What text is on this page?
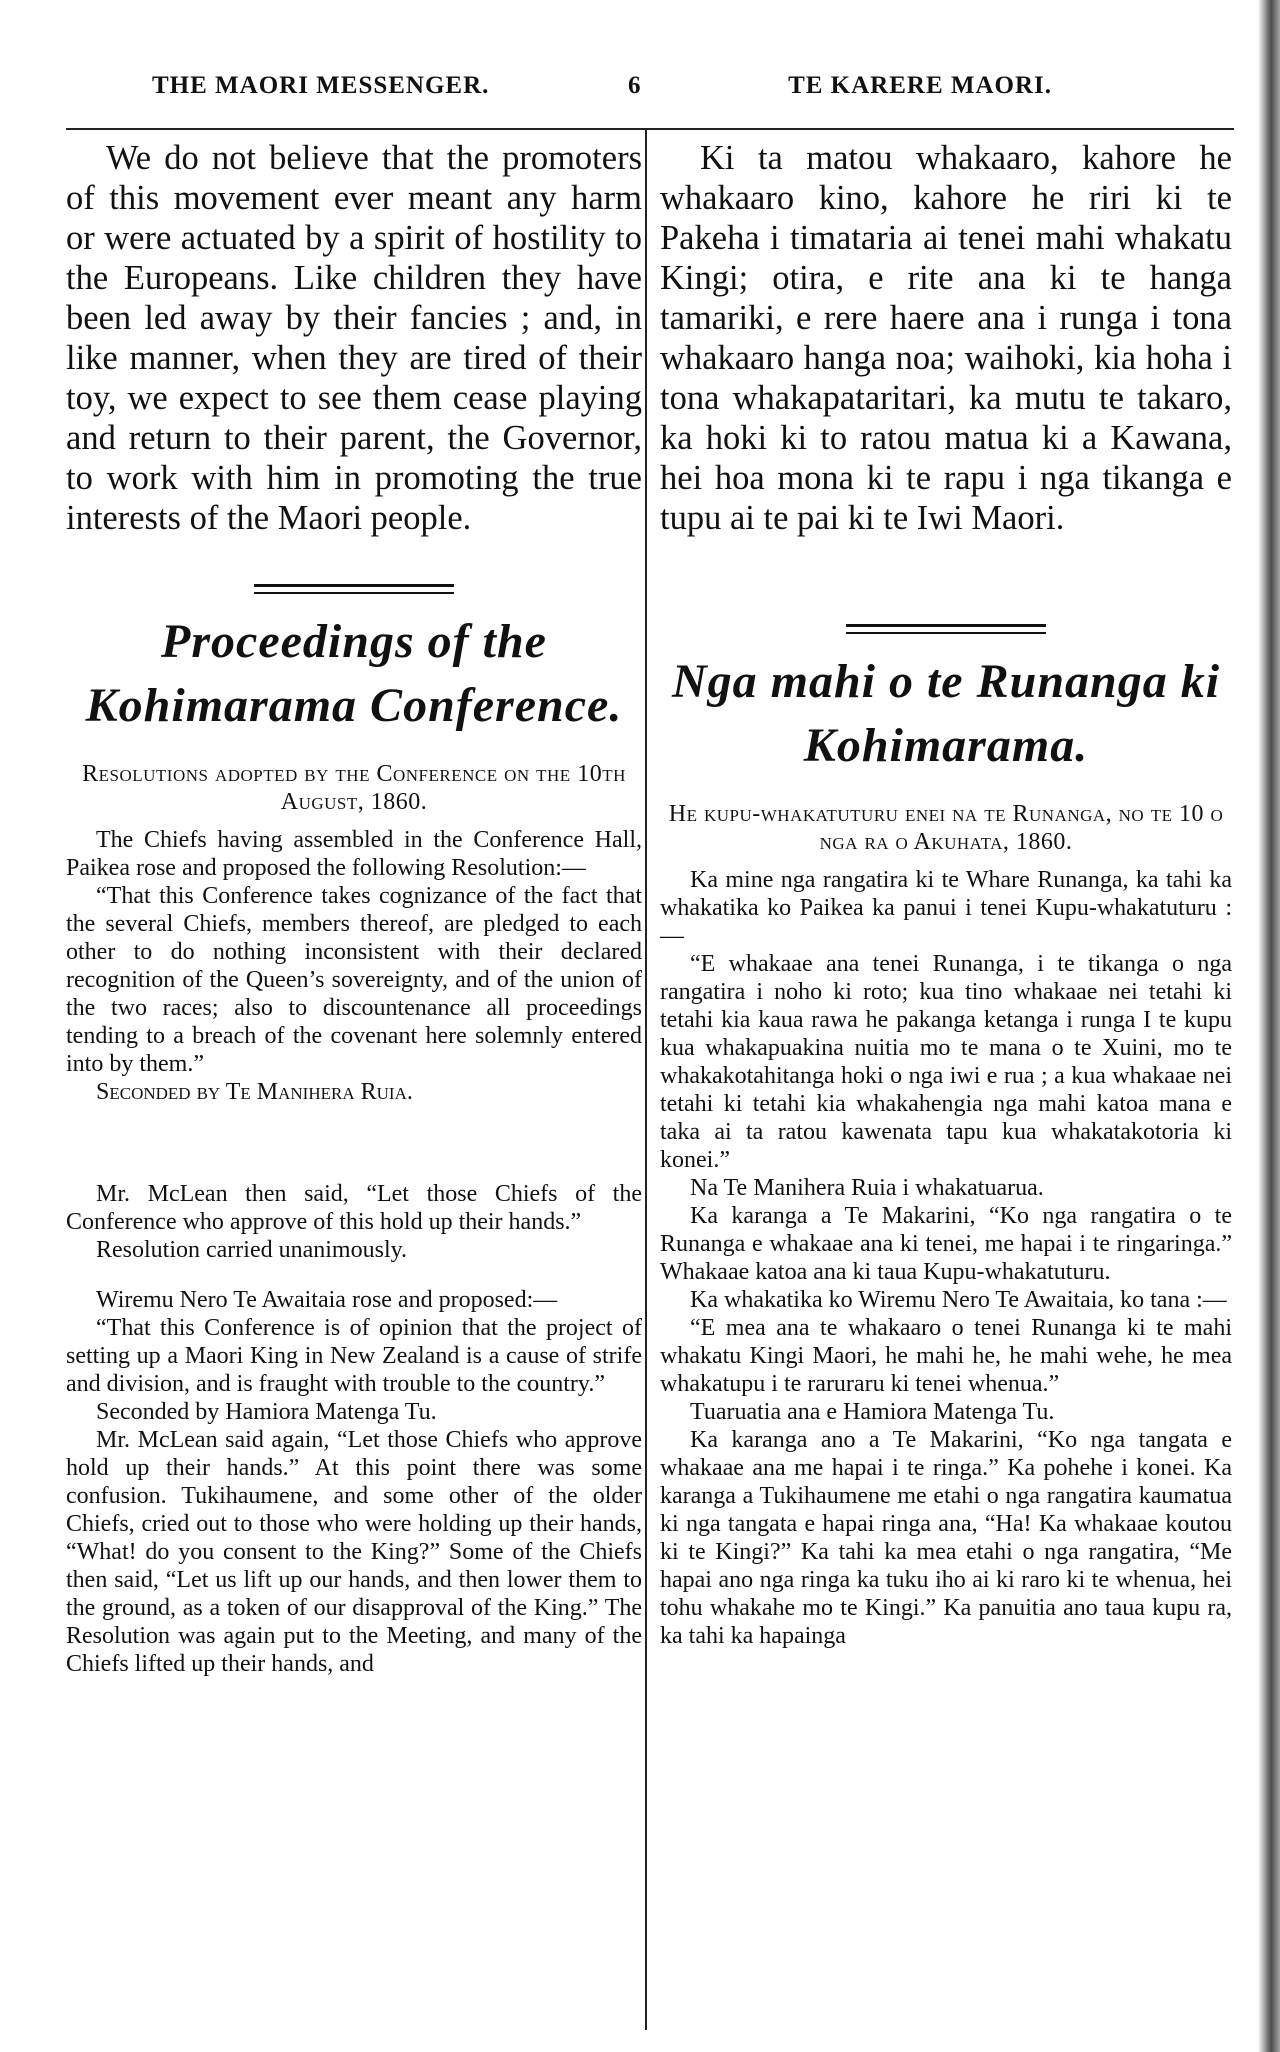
THE MAORI MESSENGER.	6	TE KARERE MAORI.

We do not believe that the promoters of this movement ever meant any harm or were actuated by a spirit of hostility to the Europeans. Like children they have been led away by their fancies ; and, in like manner, when they are tired of their toy, we expect to see them cease playing and return to their parent, the Governor, to work with him in promoting the true interests of the Maori people.

Proceedings of the Kohimarama Conference.
Resolutions adopted by the Conference on the 10th August, 1860.

The Chiefs having assembled in the Conference Hall, Paikea rose and proposed the following Resolution:—

“That this Conference takes cognizance of the fact that the several Chiefs, members thereof, are pledged to each other to do nothing inconsistent with their declared recognition of the Queen’s sovereignty, and of the union of the two races; also to discountenance all proceedings tending to a breach of the covenant here solemnly entered into by them.”

Seconded by Te Manihera Ruia.

Mr. McLean then said, “Let those Chiefs of the Conference who approve of this hold up their hands.”

Resolution carried unanimously.

Wiremu Nero Te Awaitaia rose and proposed:—

“That this Conference is of opinion that the project of setting up a Maori King in New Zealand is a cause of strife and division, and is fraught with trouble to the country.”

Seconded by Hamiora Matenga Tu.

Mr. McLean said again, “Let those Chiefs who approve hold up their hands.” At this point there was some confusion. Tukihaumene, and some other of the older Chiefs, cried out to those who were holding up their hands, “What! do you consent to the King?” Some of the Chiefs then said, “Let us lift up our hands, and then lower them to the ground, as a token of our disapproval of the King.” The Resolution was again put to the Meeting, and many of the Chiefs lifted up their hands, and

Ki ta matou whakaaro, kahore he whakaaro kino, kahore he riri ki te Pakeha i timataria ai tenei mahi whakatu Kingi; otira, e rite ana ki te hanga tamariki, e rere haere ana i runga i tona whakaaro hanga noa; waihoki, kia hoha i tona whakapataritari, ka mutu te takaro, ka hoki ki to ratou matua ki a Kawana, hei hoa mona ki te rapu i nga tikanga e tupu ai te pai ki te Iwi Maori.

Nga mahi o te Runanga ki Kohimarama.
He kupu-whakatuturu enei na te Runanga, no te 10 o nga ra o Akuhata, 1860.

Ka mine nga rangatira ki te Whare Runanga, ka tahi ka whakatika ko Paikea ka panui i tenei Kupu-whakatuturu :—

“E whakaae ana tenei Runanga, i te tikanga o nga rangatira i noho ki roto; kua tino whakaae nei tetahi ki tetahi kia kaua rawa he pakanga ketanga i runga I te kupu kua whakapuakina nuitia mo te mana o te Xuini, mo te whakakotahitanga hoki o nga iwi e rua ; a kua whakaae nei tetahi ki tetahi kia whakahengia nga mahi katoa mana e taka ai ta ratou kawenata tapu kua whakatakotoria ki konei.”

Na Te Manihera Ruia i whakatuarua.

Ka karanga a Te Makarini, “Ko nga rangatira o te Runanga e whakaae ana ki tenei, me hapai i te ringaringa.” Whakaae katoa ana ki taua Kupu-whakatuturu.

Ka whakatika ko Wiremu Nero Te Awaitaia, ko tana :—

“E mea ana te whakaaro o tenei Runanga ki te mahi whakatu Kingi Maori, he mahi he, he mahi wehe, he mea whakatupu i te raruraru ki tenei whenua.”

Tuaruatia ana e Hamiora Matenga Tu.

Ka karanga ano a Te Makarini, “Ko nga tangata e whakaae ana me hapai i te ringa.” Ka pohehe i konei. Ka karanga a Tukihaumene me etahi o nga rangatira kaumatua ki nga tangata e hapai ringa ana, “Ha! Ka whakaae koutou ki te Kingi?” Ka tahi ka mea etahi o nga rangatira, “Me hapai ano nga ringa ka tuku iho ai ki raro ki te whenua, hei tohu whakahe mo te Kingi.” Ka panuitia ano taua kupu ra, ka tahi ka hapainga
